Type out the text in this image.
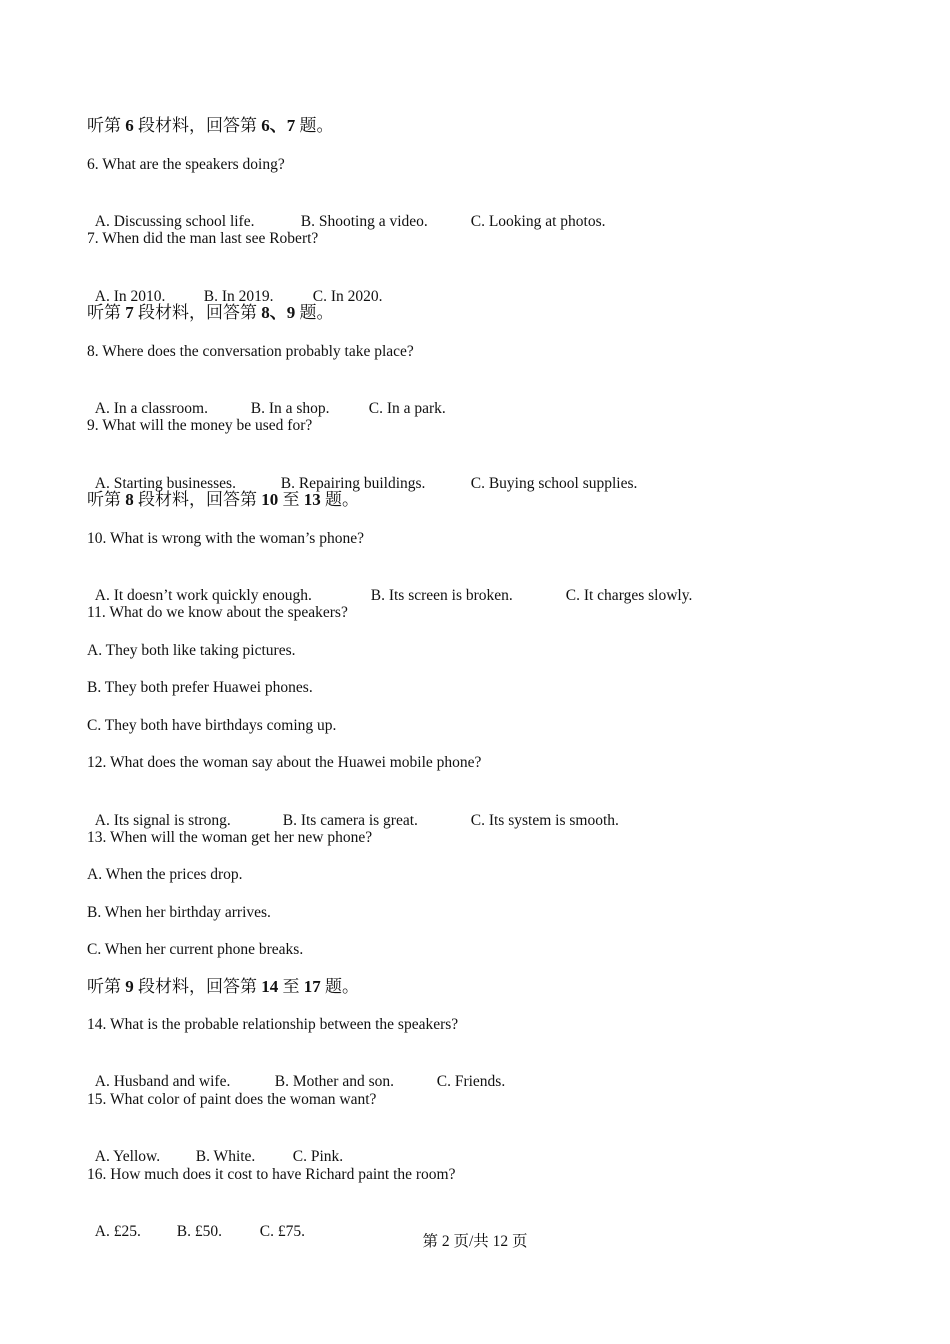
听第 6 段材料，回答第 6、7 题。
6. What are the speakers doing?

A. Discussing school life.	B. Shooting a video.	C. Looking at photos.

7. When did the man last see Robert?

A. In 2010. B. In 2019.	C. In 2020.

听第 7 段材料，回答第 8、9 题。
8. Where does the conversation probably take place?

A. In a classroom.	B. In a shop.	C. In a park.

9. What will the money be used for?

A. Starting businesses.	B. Repairing buildings.	C. Buying school supplies.

听第 8 段材料，回答第 10 至 13 题。
10. What is wrong with the woman’s phone?

A. It doesn’t work quickly enough.	B. Its screen is broken.	C. It charges slowly.

11. What do we know about the speakers?
A. They both like taking pictures.
B. They both prefer Huawei phones.
C. They both have birthdays coming up.
12. What does the woman say about the Huawei mobile phone?

A. Its signal is strong.	B. Its camera is great.	C. Its system is smooth.

13. When will the woman get her new phone?
A. When the prices drop.
B. When her birthday arrives.
C. When her current phone breaks.
听第 9 段材料，回答第 14 至 17 题。
14. What is the probable relationship between the speakers?

A. Husband and wife.	B. Mother and son.	C. Friends.

15. What color of paint does the woman want?

A. Yellow. B. White. C. Pink.

16. How much does it cost to have Richard paint the room?

A. £25. B. £50. C. £75.

第 2 页/共 12 页
